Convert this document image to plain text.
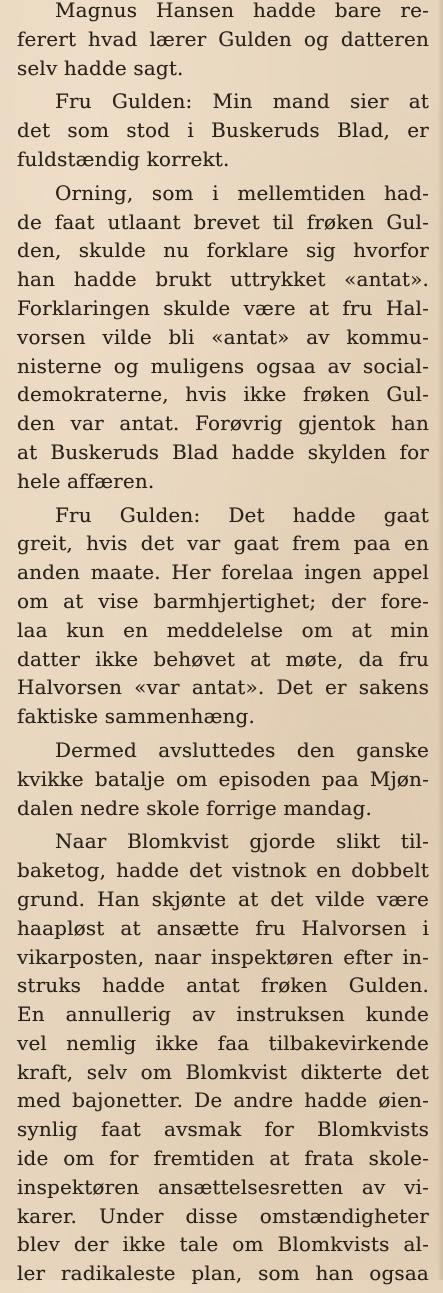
Magnus Hansen hadde bare re-
ferert hvad lærer Gulden og datteren
selv hadde sagt.
Fru Gulden: Min mand sier at
det som stod i Buskeruds Blad, er
fuldstændig korrekt.
Orning, som i mellemtiden had-
de faat utlaant brevet til frøken Gul-
den, skulde nu forklare sig hvorfor
han hadde brukt uttrykket «antat».
Forklaringen skulde være at fru Hal-
vorsen vilde bli «antat» av kommu-
nisterne og muligens ogsaa av social-
demokraterne, hvis ikke frøken Gul-
den var antat. Forøvrig gjentok han
at Buskeruds Blad hadde skylden for
hele affæren.
Fru Gulden: Det hadde gaat
greit, hvis det var gaat frem paa en
anden maate. Her forelaa ingen appel
om at vise barmhjertighet; der fore-
laa kun en meddelelse om at min
datter ikke behøvet at møte, da fru
Halvorsen «var antat». Det er sakens
faktiske sammenhæng.
Dermed avsluttedes den ganske
kvikke batalje om episoden paa Mjøn-
dalen nedre skole forrige mandag.
Naar Blomkvist gjorde slikt til-
baketog, hadde det vistnok en dobbelt
grund. Han skjønte at det vilde være
haapløst at ansætte fru Halvorsen i
vikarposten, naar inspektøren efter in-
struks hadde antat frøken Gulden.
En annullerig av instruksen kunde
vel nemlig ikke faa tilbakevirkende
kraft, selv om Blomkvist dikterte det
med bajonetter. De andre hadde øien-
synlig faat avsmak for Blomkvists
ide om for fremtiden at frata skole-
inspektøren ansættelsesretten av vi-
karer. Under disse omstændigheter
blev der ikke tale om Blomkvists al-
ler radikaleste plan, som han ogsaa
